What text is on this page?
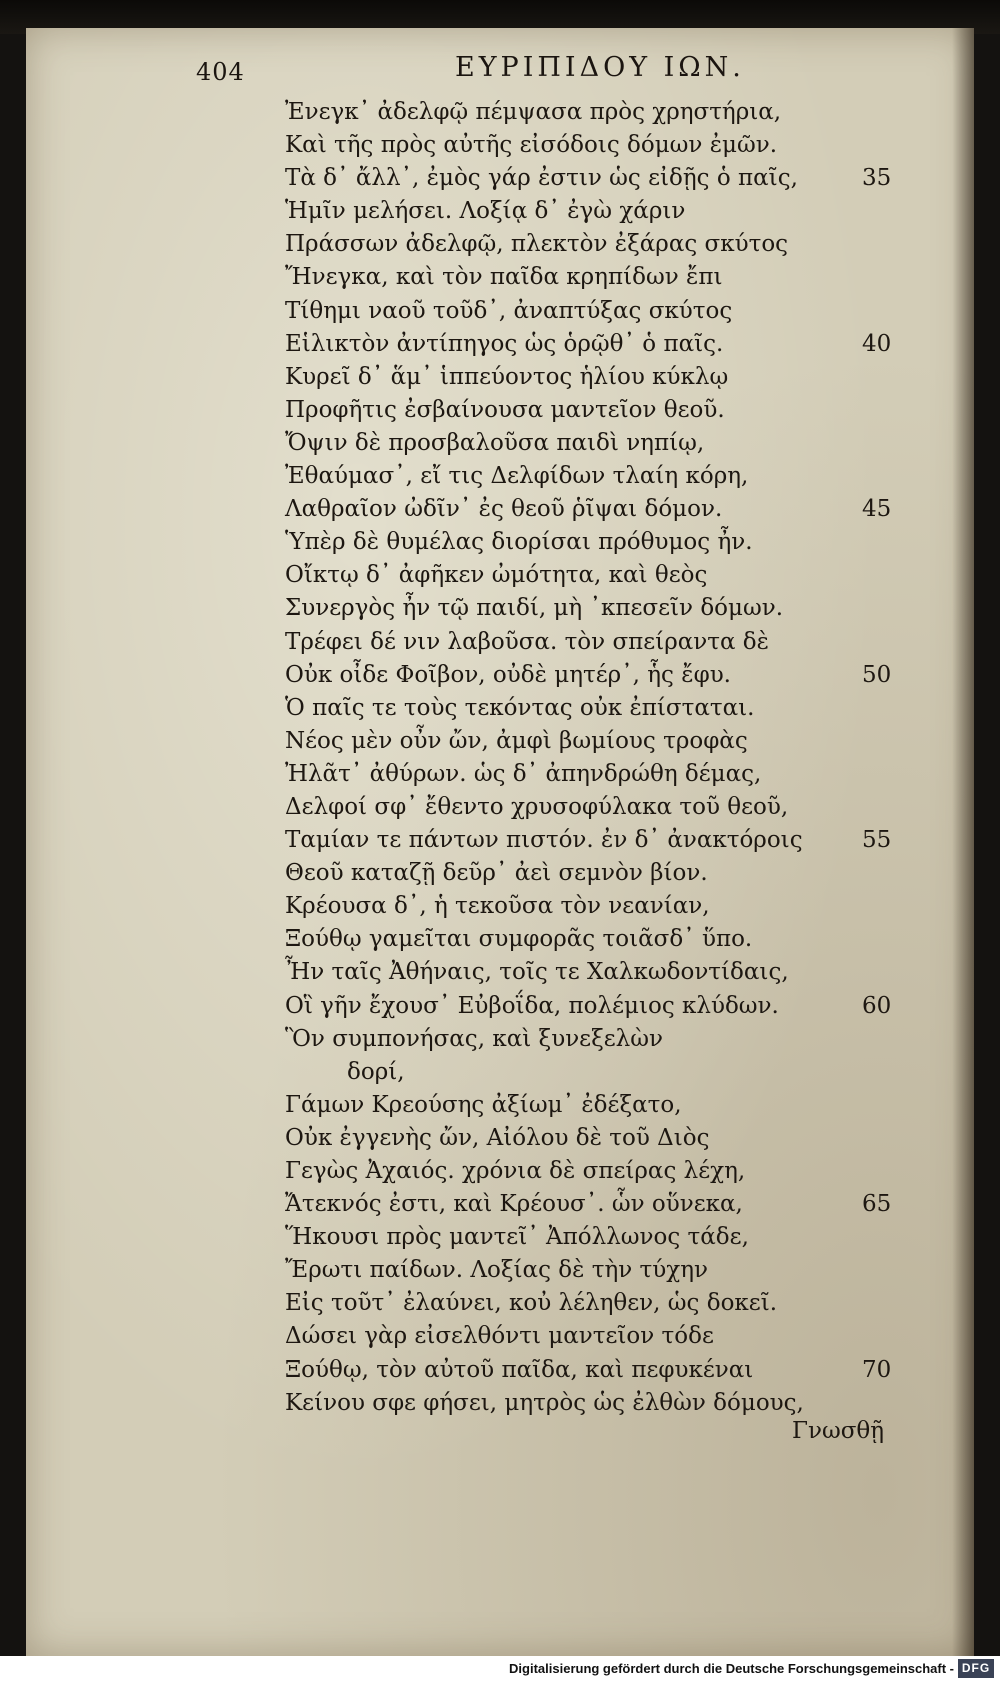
404	ΕΥΡΙΠΙΔΟΥ ΙΩΝ.
Ἐνεγκ᾽ ἀδελφῷ πέμψασα πρὸς χρηστήρια,
Καὶ τῆς πρὸς αὐτῆς εἰσόδοις δόμων ἐμῶν.
Τὰ δ᾽ ἄλλ᾽, ἐμὸς γάρ ἐστιν ὡς εἰδῇς ὁ παῖς,	35
Ἡμῖν μελήσει. Λοξίᾳ δ᾽ ἐγὼ χάριν
Πράσσων ἀδελφῷ, πλεκτὸν ἐξάρας σκύτος
Ἤνεγκα, καὶ τὸν παῖδα κρηπίδων ἔπι
Τίθημι ναοῦ τοῦδ᾽, ἀναπτύξας σκύτος
Εἱλικτὸν ἀντίπηγος ὡς ὁρῷθ᾽ ὁ παῖς.	40
Κυρεῖ δ᾽ ἅμ᾽ ἱππεύοντος ἡλίου κύκλῳ
Προφῆτις ἐσβαίνουσα μαντεῖον θεοῦ.
Ὄψιν δὲ προσβαλοῦσα παιδὶ νηπίῳ,
Ἐθαύμασ᾽, εἴ τις Δελφίδων τλαίη κόρη,
Λαθραῖον ὠδῖν᾽ ἐς θεοῦ ῥῖψαι δόμον.	45
Ὑπὲρ δὲ θυμέλας διορίσαι πρόθυμος ἦν.
Οἴκτῳ δ᾽ ἀφῆκεν ὠμότητα, καὶ θεὸς
Συνεργὸς ἦν τῷ παιδί, μὴ ᾽κπεσεῖν δόμων.
Τρέφει δέ νιν λαβοῦσα. τὸν σπείραντα δὲ
Οὐκ οἶδε Φοῖβον, οὐδὲ μητέρ᾽, ἧς ἔφυ.	50
Ὁ παῖς τε τοὺς τεκόντας οὐκ ἐπίσταται.
Νέος μὲν οὖν ὤν, ἀμφὶ βωμίους τροφὰς
Ἠλᾶτ᾽ ἀθύρων. ὡς δ᾽ ἀπηνδρώθη δέμας,
Δελφοί σφ᾽ ἔθεντο χρυσοφύλακα τοῦ θεοῦ,
Ταμίαν τε πάντων πιστόν. ἐν δ᾽ ἀνακτόροις	55
Θεοῦ καταζῇ δεῦρ᾽ ἀεὶ σεμνὸν βίον.
Κρέουσα δ᾽, ἡ τεκοῦσα τὸν νεανίαν,
Ξούθῳ γαμεῖται συμφορᾶς τοιᾶσδ᾽ ὕπο.
Ἦν ταῖς Ἀθήναις, τοῖς τε Χαλκωδοντίδαις,
Οἳ γῆν ἔχουσ᾽ Εὐβοΐδα, πολέμιος κλύδων.	60
Ὃν συμπονήσας, καὶ ξυνεξελὼν
δορί,
Γάμων Κρεούσης ἀξίωμ᾽ ἐδέξατο,
Οὐκ ἐγγενὴς ὤν, Αἰόλου δὲ τοῦ Διὸς
Γεγὼς Ἀχαιός. χρόνια δὲ σπείρας λέχη,
Ἄτεκνός ἐστι, καὶ Κρέουσ᾽. ὧν οὕνεκα,	65
Ἥκουσι πρὸς μαντεῖ᾽ Ἀπόλλωνος τάδε,
Ἔρωτι παίδων. Λοξίας δὲ τὴν τύχην
Εἰς τοῦτ᾽ ἐλαύνει, κοὐ λέληθεν, ὡς δοκεῖ.
Δώσει γὰρ εἰσελθόντι μαντεῖον τόδε
Ξούθῳ, τὸν αὐτοῦ παῖδα, καὶ πεφυκέναι	70
Κείνου σφε φήσει, μητρὸς ὡς ἐλθὼν δόμους,
Γνωσθῇ
Digitalisierung gefördert durch die Deutsche Forschungsgemeinschaft - DFG
